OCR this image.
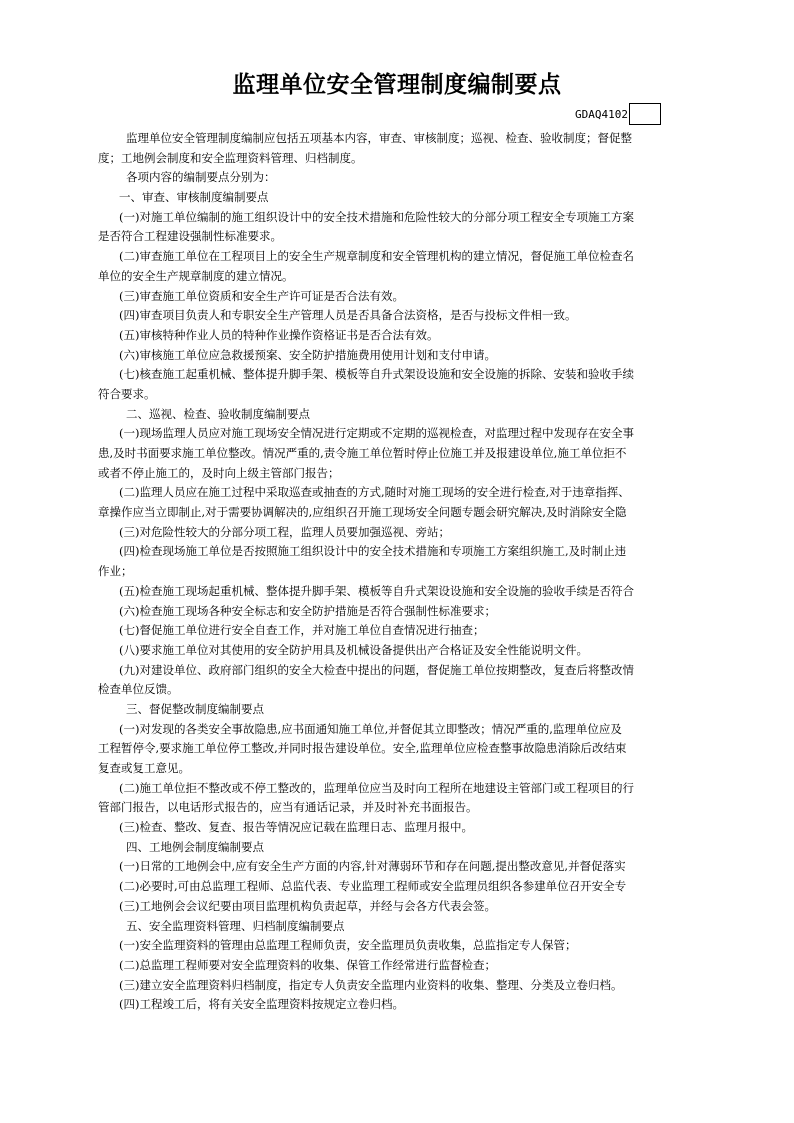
监理单位安全管理制度编制要点
GDAQ4102
监理单位安全管理制度编制应包括五项基本内容，审查、审核制度；巡视、检查、验收制度；督促整
度；工地例会制度和安全监理资料管理、归档制度。
各项内容的编制要点分别为：
一、审查、审核制度编制要点
(一)对施工单位编制的施工组织设计中的安全技术措施和危险性较大的分部分项工程安全专项施工方案
是否符合工程建设强制性标准要求。
(二)审查施工单位在工程项目上的安全生产规章制度和安全管理机构的建立情况，督促施工单位检查名
单位的安全生产规章制度的建立情况。
(三)审查施工单位资质和安全生产许可证是否合法有效。
(四)审查项目负责人和专职安全生产管理人员是否具备合法资格，是否与投标文件相一致。
(五)审核特种作业人员的特种作业操作资格证书是否合法有效。
(六)审核施工单位应急救援预案、安全防护措施费用使用计划和支付申请。
(七)核查施工起重机械、整体提升脚手架、模板等自升式架设设施和安全设施的拆除、安装和验收手续
符合要求。
二、巡视、检查、验收制度编制要点
(一)现场监理人员应对施工现场安全情况进行定期或不定期的巡视检查，对监理过程中发现存在安全事
患,及时书面要求施工单位整改。情况严重的,责令施工单位暂时停止位施工并及报建设单位,施工单位拒不
或者不停止施工的，及时向上级主管部门报告；
(二)监理人员应在施工过程中采取巡查或抽查的方式,随时对施工现场的安全进行检查,对于违章指挥、
章操作应当立即制止,对于需要协调解决的,应组织召开施工现场安全问题专题会研究解决,及时消除安全隐
(三)对危险性较大的分部分项工程，监理人员要加强巡视、旁站；
(四)检查现场施工单位是否按照施工组织设计中的安全技术措施和专项施工方案组织施工,及时制止违
作业；
(五)检查施工现场起重机械、整体提升脚手架、模板等自升式架设设施和安全设施的验收手续是否符合
(六)检查施工现场各种安全标志和安全防护措施是否符合强制性标准要求；
(七)督促施工单位进行安全自查工作，并对施工单位自查情况进行抽查；
(八)要求施工单位对其使用的安全防护用具及机械设备提供出产合格证及安全性能说明文件。
(九)对建设单位、政府部门组织的安全大检查中提出的问题，督促施工单位按期整改，复查后将整改情
检查单位反馈。
三、督促整改制度编制要点
(一)对发现的各类安全事故隐患,应书面通知施工单位,并督促其立即整改；情况严重的,监理单位应及
工程暂停令,要求施工单位停工整改,并同时报告建设单位。安全,监理单位应检查整事故隐患消除后改结束
复查或复工意见。
(二)施工单位拒不整改或不停工整改的，监理单位应当及时向工程所在地建设主管部门或工程项目的行
管部门报告，以电话形式报告的，应当有通话记录，并及时补充书面报告。
(三)检查、整改、复查、报告等情况应记载在监理日志、监理月报中。
四、工地例会制度编制要点
(一)日常的工地例会中,应有安全生产方面的内容,针对薄弱环节和存在问题,提出整改意见,并督促落实
(二)必要时,可由总监理工程师、总监代表、专业监理工程师或安全监理员组织各参建单位召开安全专
(三)工地例会会议纪要由项目监理机构负责起草，并经与会各方代表会签。
五、安全监理资料管理、归档制度编制要点
(一)安全监理资料的管理由总监理工程师负责，安全监理员负责收集，总监指定专人保管；
(二)总监理工程师要对安全监理资料的收集、保管工作经常进行监督检查；
(三)建立安全监理资料归档制度，指定专人负责安全监理内业资料的收集、整理、分类及立卷归档。
(四)工程竣工后，将有关安全监理资料按规定立卷归档。
